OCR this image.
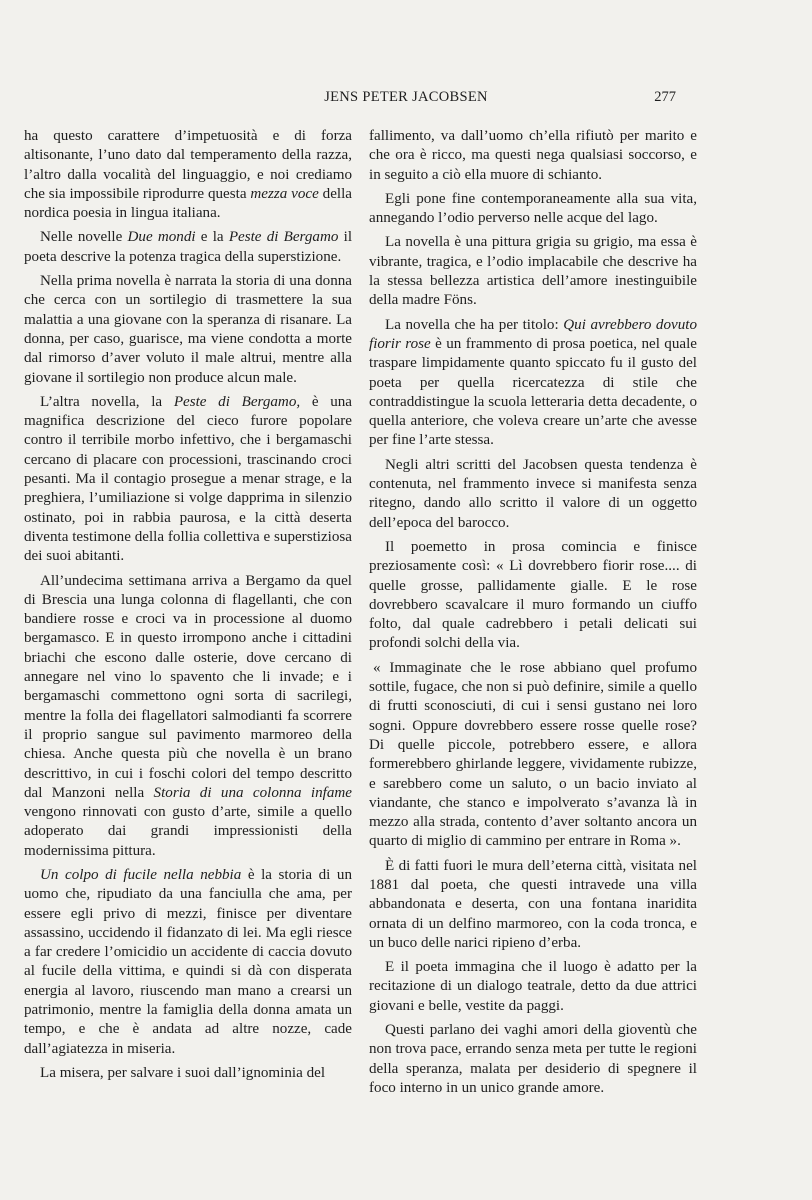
JENS PETER JACOBSEN	277

ha questo carattere d’impetuosità e di forza altisonante, l’uno dato dal temperamento della razza, l’altro dalla vocalità del linguaggio, e noi crediamo che sia impossibile riprodurre questa mezza voce della nordica poesia in lingua italiana.

Nelle novelle Due mondi e la Peste di Bergamo il poeta descrive la potenza tragica della superstizione.

Nella prima novella è narrata la storia di una donna che cerca con un sortilegio di trasmettere la sua malattia a una giovane con la speranza di risanare. La donna, per caso, guarisce, ma viene condotta a morte dal rimorso d’aver voluto il male altrui, mentre alla giovane il sortilegio non produce alcun male.

L’altra novella, la Peste di Bergamo, è una magnifica descrizione del cieco furore popolare contro il terribile morbo infettivo, che i bergamaschi cercano di placare con processioni, trascinando croci pesanti. Ma il contagio prosegue a menar strage, e la preghiera, l’umiliazione si volge dapprima in silenzio ostinato, poi in rabbia paurosa, e la città deserta diventa testimone della follia collettiva e superstiziosa dei suoi abitanti.

All’undecima settimana arriva a Bergamo da quel di Brescia una lunga colonna di flagellanti, che con bandiere rosse e croci va in processione al duomo bergamasco. E in questo irrompono anche i cittadini briachi che escono dalle osterie, dove cercano di annegare nel vino lo spavento che li invade; e i bergamaschi commettono ogni sorta di sacrilegi, mentre la folla dei flagellatori salmodianti fa scorrere il proprio sangue sul pavimento marmoreo della chiesa. Anche questa più che novella è un brano descrittivo, in cui i foschi colori del tempo descritto dal Manzoni nella Storia di una colonna infame vengono rinnovati con gusto d’arte, simile a quello adoperato dai grandi impressionisti della modernissima pittura.

Un colpo di fucile nella nebbia è la storia di un uomo che, ripudiato da una fanciulla che ama, per essere egli privo di mezzi, finisce per diventare assassino, uccidendo il fidanzato di lei. Ma egli riesce a far credere l’omicidio un accidente di caccia dovuto al fucile della vittima, e quindi si dà con disperata energia al lavoro, riuscendo man mano a crearsi un patrimonio, mentre la famiglia della donna amata un tempo, e che è andata ad altre nozze, cade dall’agiatezza in miseria.

La misera, per salvare i suoi dall’ignominia del

fallimento, va dall’uomo ch’ella rifiutò per marito e che ora è ricco, ma questi nega qualsiasi soccorso, e in seguito a ciò ella muore di schianto.

Egli pone fine contemporaneamente alla sua vita, annegando l’odio perverso nelle acque del lago.

La novella è una pittura grigia su grigio, ma essa è vibrante, tragica, e l’odio implacabile che descrive ha la stessa bellezza artistica dell’amore inestinguibile della madre Föns.

La novella che ha per titolo: Qui avrebbero dovuto fiorir rose è un frammento di prosa poetica, nel quale traspare limpidamente quanto spiccato fu il gusto del poeta per quella ricercatezza di stile che contraddistingue la scuola letteraria detta decadente, o quella anteriore, che voleva creare un’arte che avesse per fine l’arte stessa.

Negli altri scritti del Jacobsen questa tendenza è contenuta, nel frammento invece si manifesta senza ritegno, dando allo scritto il valore di un oggetto dell’epoca del barocco.

Il poemetto in prosa comincia e finisce preziosamente così: « Lì dovrebbero fiorir rose.... di quelle grosse, pallidamente gialle. E le rose dovrebbero scavalcare il muro formando un ciuffo folto, dal quale cadrebbero i petali delicati sui profondi solchi della via.

« Immaginate che le rose abbiano quel profumo sottile, fugace, che non si può definire, simile a quello di frutti sconosciuti, di cui i sensi gustano nei loro sogni. Oppure dovrebbero essere rosse quelle rose? Di quelle piccole, potrebbero essere, e allora formerebbero ghirlande leggere, vividamente rubizze, e sarebbero come un saluto, o un bacio inviato al viandante, che stanco e impolverato s’avanza là in mezzo alla strada, contento d’aver soltanto ancora un quarto di miglio di cammino per entrare in Roma ».

È di fatti fuori le mura dell’eterna città, visitata nel 1881 dal poeta, che questi intravede una villa abbandonata e deserta, con una fontana inaridita ornata di un delfino marmoreo, con la coda tronca, e un buco delle narici ripieno d’erba.

E il poeta immagina che il luogo è adatto per la recitazione di un dialogo teatrale, detto da due attrici giovani e belle, vestite da paggi.

Questi parlano dei vaghi amori della gioventù che non trova pace, errando senza meta per tutte le regioni della speranza, malata per desiderio di spegnere il foco interno in un unico grande amore.
